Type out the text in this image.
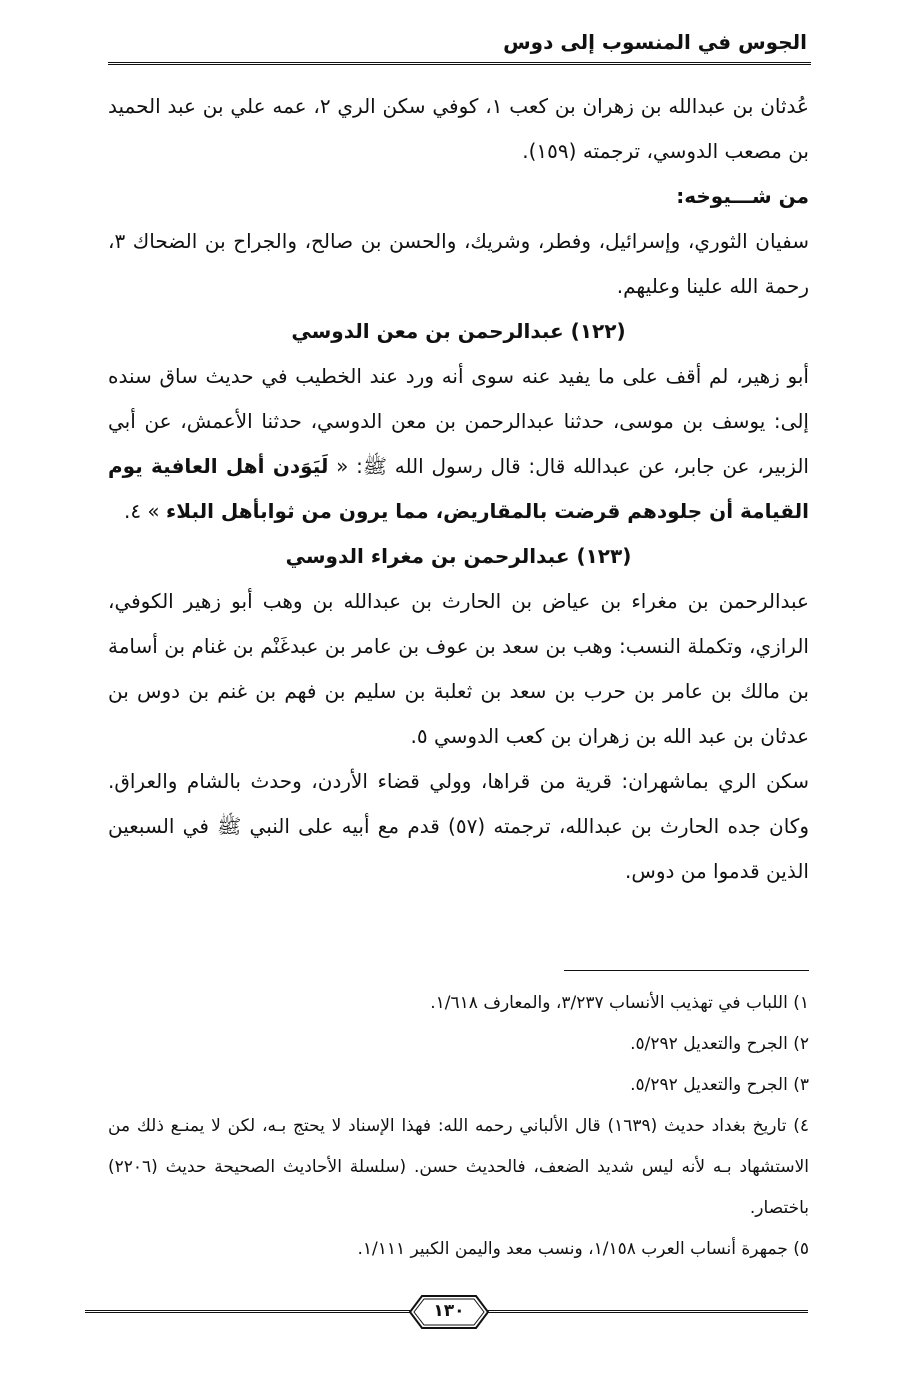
الجوس في المنسوب إلى دوس

عُدثان بن عبدالله بن زهران بن كعب ١، كوفي سكن الري ٢، عمه علي بن عبد الحميد بن مصعب الدوسي، ترجمته (١٥٩).

من شـــيوخه:

سفيان الثوري، وإسرائيل، وفطر، وشريك، والحسن بن صالح، والجراح بن الضحاك ٣، رحمة الله علينا وعليهم.

(١٢٢) عبدالرحمن بن معن الدوسي

أبو زهير، لم أقف على ما يفيد عنه سوى أنه ورد عند الخطيب في حديث ساق سنده إلى: يوسف بن موسى، حدثنا عبدالرحمن بن معن الدوسي، حدثنا الأعمش، عن أبي الزبير، عن جابر، عن عبدالله قال: قال رسول الله ﷺ: « لَيَوَدن أهل العافية يوم القيامة أن جلودهم قرضت بالمقاريض، مما يرون من ثوابأهل البلاء » ٤.

(١٢٣) عبدالرحمن بن مغراء الدوسي

عبدالرحمن بن مغراء بن عياض بن الحارث بن عبدالله بن وهب أبو زهير الكوفي، الرازي، وتكملة النسب: وهب بن سعد بن عوف بن عامر بن عبدغَنْم بن غنام بن أسامة بن مالك بن عامر بن حرب بن سعد بن ثعلبة بن سليم بن فهم بن غنم بن دوس بن عدثان بن عبد الله بن زهران بن كعب الدوسي ٥.

سكن الري بماشهران: قرية من قراها، وولي قضاء الأردن، وحدث بالشام والعراق. وكان جده الحارث بن عبدالله، ترجمته (٥٧) قدم مع أبيه على النبي ﷺ في السبعين الذين قدموا من دوس.

١) اللباب في تهذيب الأنساب ٣/٢٣٧، والمعارف ١/٦١٨.

٢) الجرح والتعديل ٥/٢٩٢.

٣) الجرح والتعديل ٥/٢٩٢.

٤) تاريخ بغداد حديث (١٦٣٩) قال الألباني رحمه الله: فهذا الإسناد لا يحتج بـه، لكن لا يمنـع ذلك من الاستشهاد بـه لأنه ليس شديد الضعف، فالحديث حسن. (سلسلة الأحاديث الصحيحة حديث (٢٢٠٦) باختصار.

٥) جمهرة أنساب العرب ١/١٥٨، ونسب معد واليمن الكبير ١/١١١.

١٣٠
